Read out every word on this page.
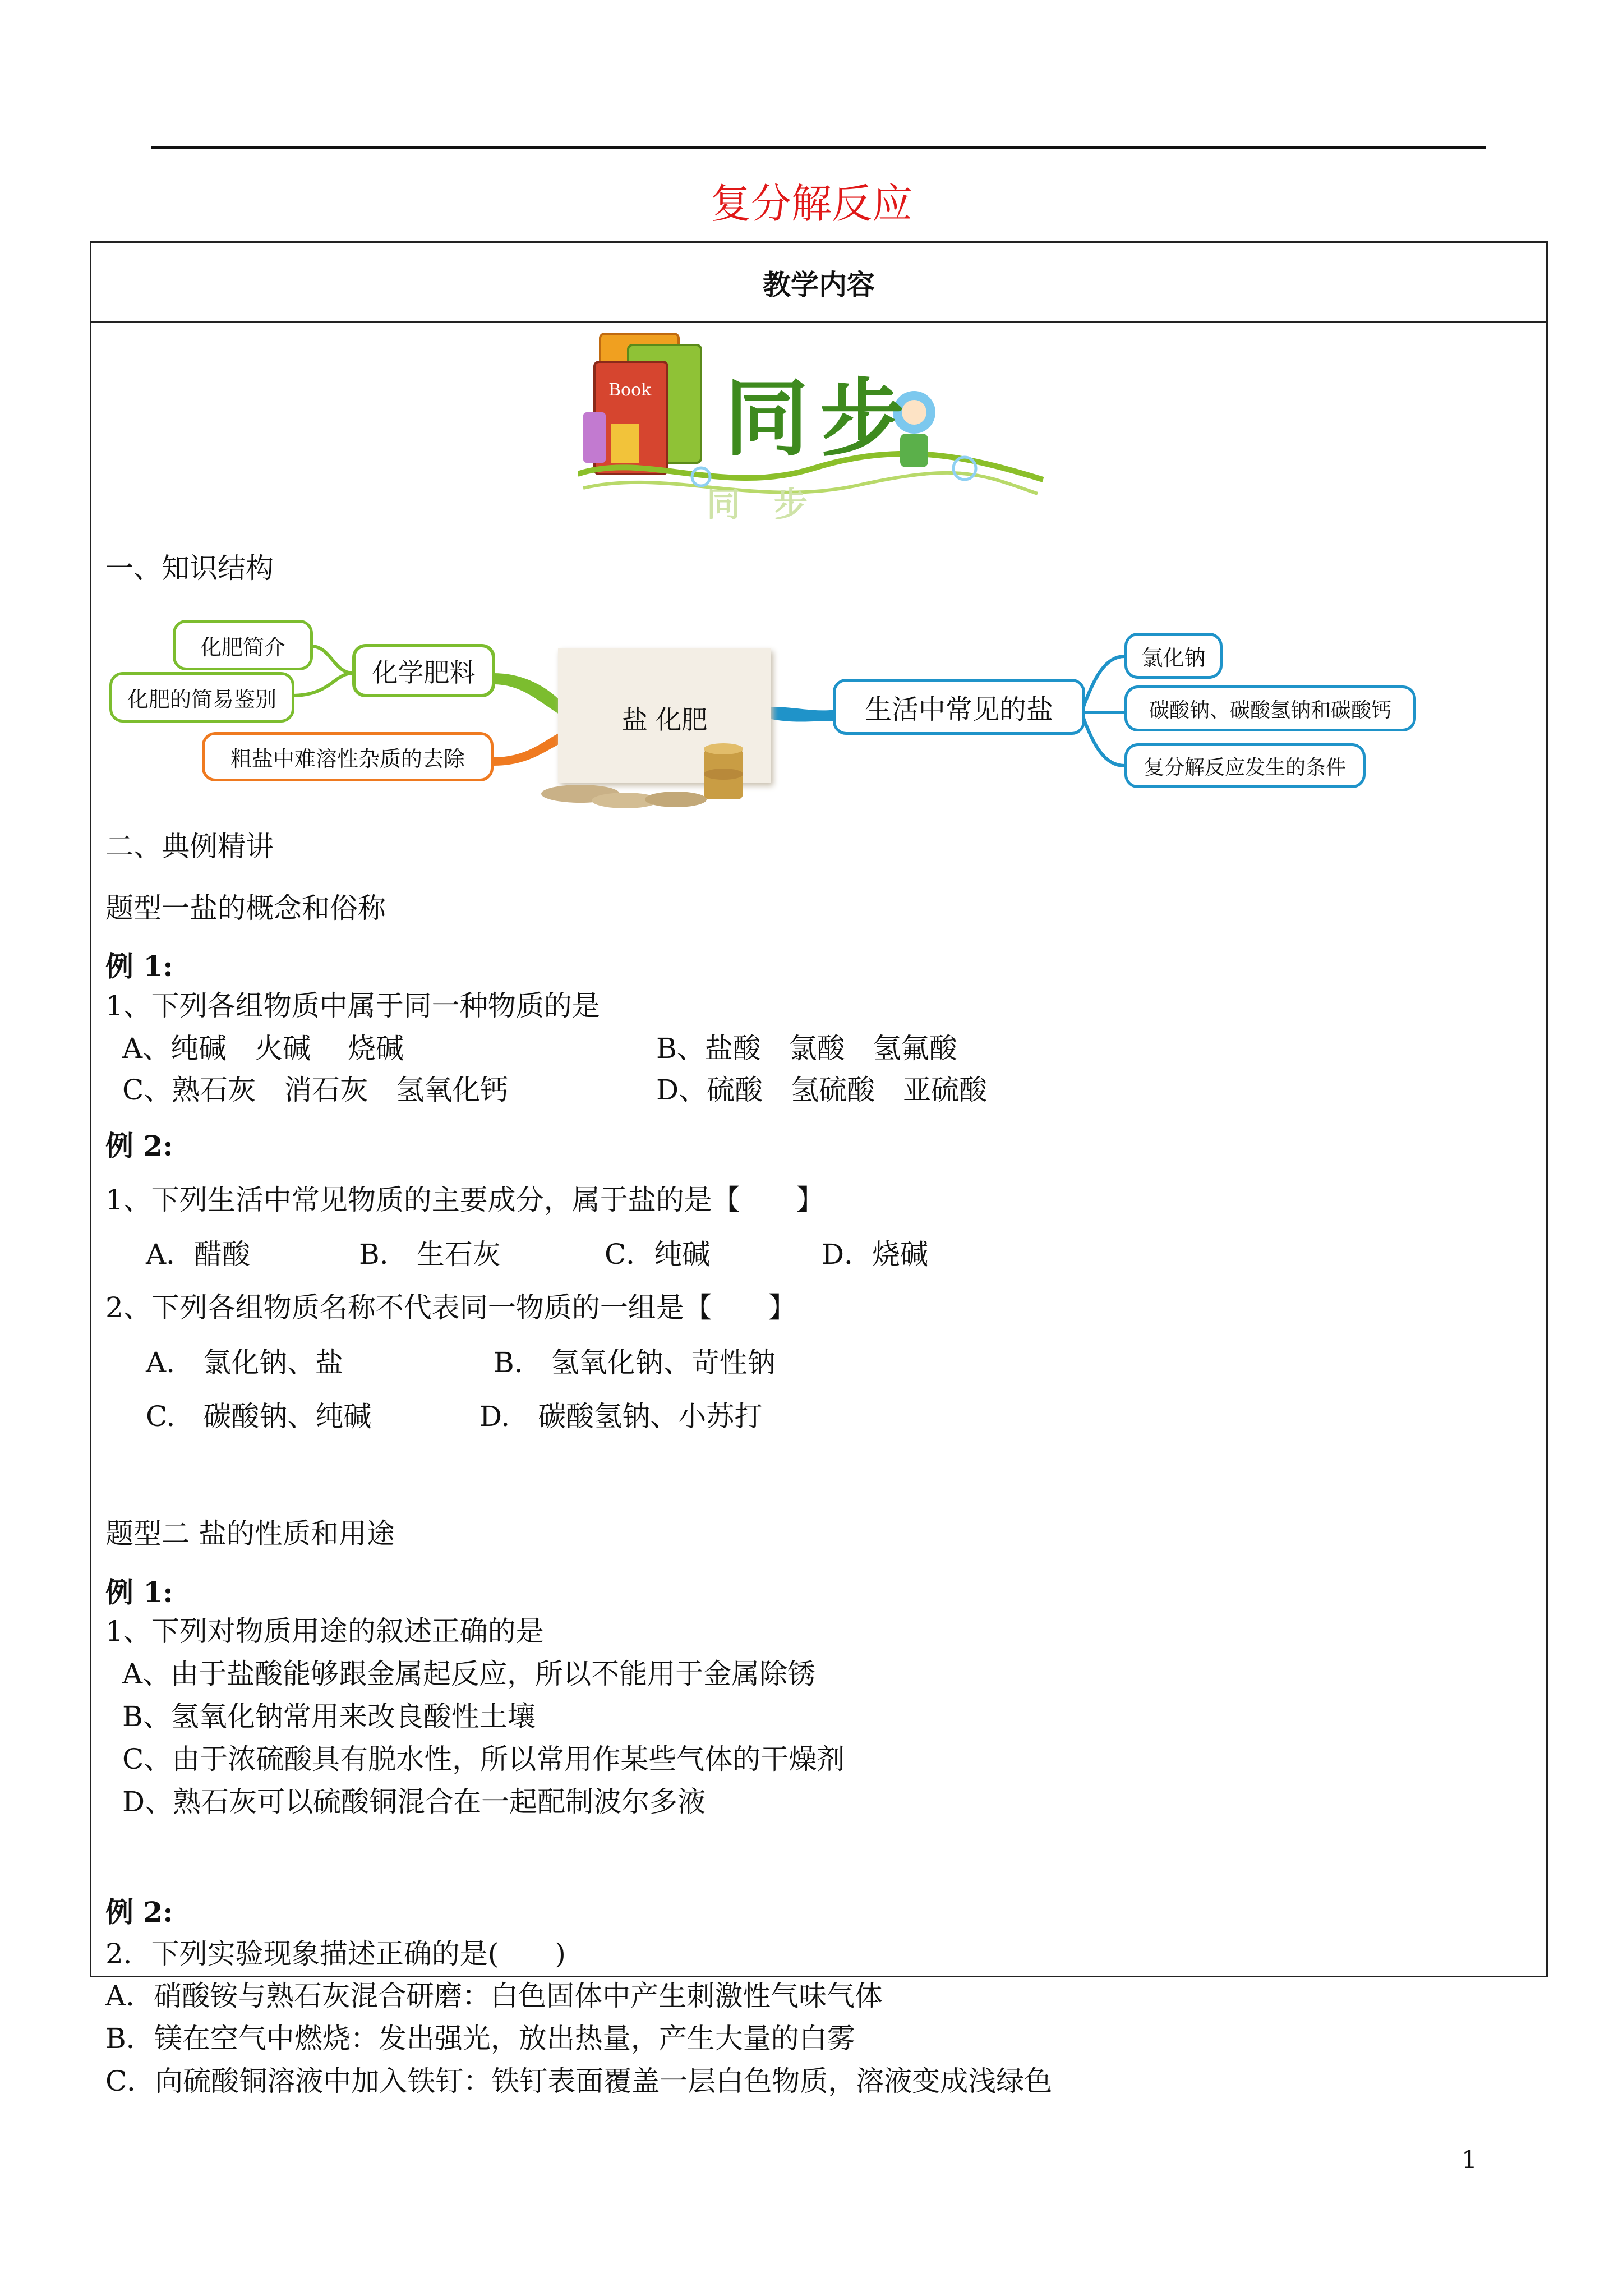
复分解反应
教学内容
Book
同　步
同步
一、知识结构
化肥简介
化肥的简易鉴别
化学肥料
粗盐中难溶性杂质的去除
盐 化肥	生活中常见的盐
氯化钠
碳酸钠、碳酸氢钠和碳酸钙
复分解反应发生的条件
二、典例精讲
题型一盐的概念和俗称
例 1:
1、下列各组物质中属于同一种物质的是
A、纯碱　火碱　 烧碱	B、盐酸　氯酸　氢氟酸
C、熟石灰　消石灰　氢氧化钙	D、硫酸　氢硫酸　亚硫酸
例 2:
1、下列生活中常见物质的主要成分，属于盐的是【　　】
A．醋酸	B.　生石灰	C．纯碱	D．烧碱
2、下列各组物质名称不代表同一物质的一组是【　　】
A.　氯化钠、盐	B.　氢氧化钠、苛性钠
C.　碳酸钠、纯碱	D.　碳酸氢钠、小苏打
题型二 盐的性质和用途
例 1:
1、下列对物质用途的叙述正确的是
A、由于盐酸能够跟金属起反应，所以不能用于金属除锈
B、氢氧化钠常用来改良酸性土壤
C、由于浓硫酸具有脱水性，所以常用作某些气体的干燥剂
D、熟石灰可以硫酸铜混合在一起配制波尔多液
例 2:
2．下列实验现象描述正确的是(　　)
A．硝酸铵与熟石灰混合研磨：白色固体中产生刺激性气味气体
B．镁在空气中燃烧：发出强光，放出热量，产生大量的白雾
C．向硫酸铜溶液中加入铁钉：铁钉表面覆盖一层白色物质，溶液变成浅绿色
1
